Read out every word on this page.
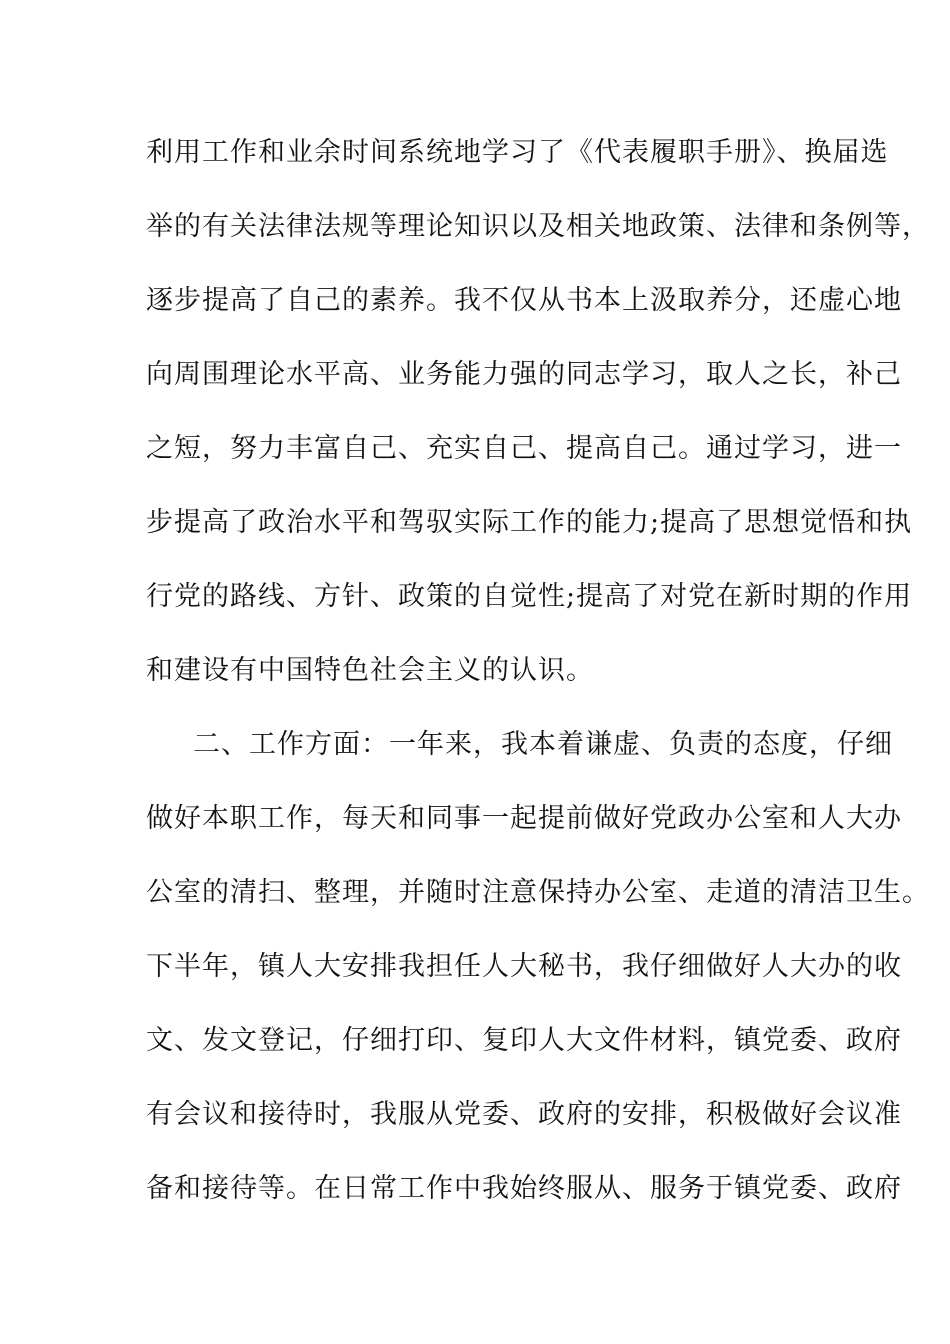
利用工作和业余时间系统地学习了《代表履职手册》、换届选
举的有关法律法规等理论知识以及相关地政策、法律和条例等，
逐步提高了自己的素养。我不仅从书本上汲取养分，还虚心地
向周围理论水平高、业务能力强的同志学习，取人之长，补己
之短，努力丰富自己、充实自己、提高自己。通过学习，进一
步提高了政治水平和驾驭实际工作的能力;提高了思想觉悟和执
行党的路线、方针、政策的自觉性;提高了对党在新时期的作用
和建设有中国特色社会主义的认识。
二、工作方面：一年来，我本着谦虚、负责的态度，仔细
做好本职工作，每天和同事一起提前做好党政办公室和人大办
公室的清扫、整理，并随时注意保持办公室、走道的清洁卫生。
下半年，镇人大安排我担任人大秘书，我仔细做好人大办的收
文、发文登记，仔细打印、复印人大文件材料，镇党委、政府
有会议和接待时，我服从党委、政府的安排，积极做好会议准
备和接待等。在日常工作中我始终服从、服务于镇党委、政府
